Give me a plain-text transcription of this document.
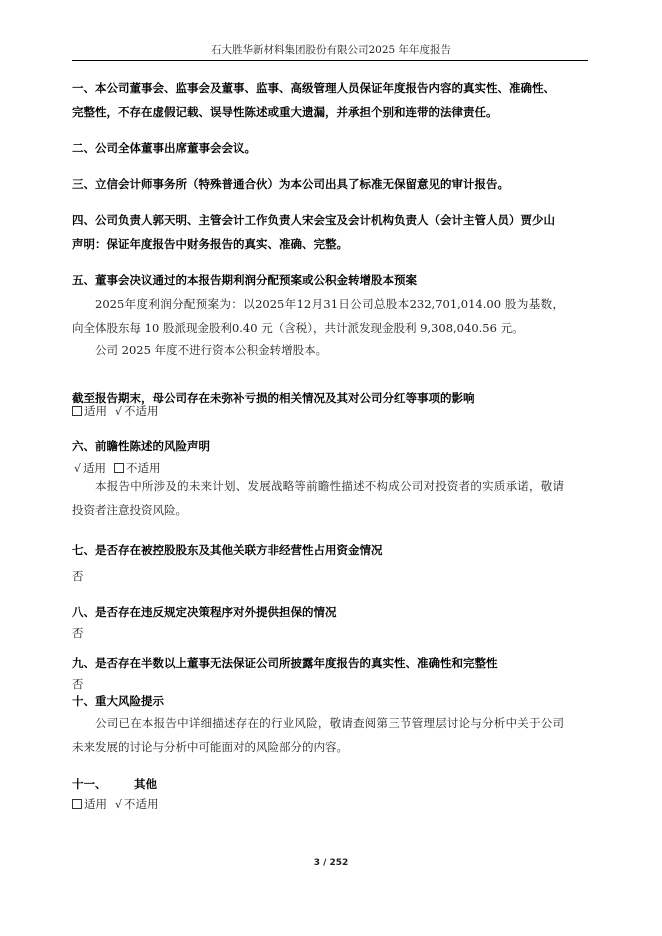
石大胜华新材料集团股份有限公司2025 年年度报告

一、本公司董事会、监事会及董事、监事、高级管理人员保证年度报告内容的真实性、准确性、完整性，不存在虚假记载、误导性陈述或重大遗漏，并承担个别和连带的法律责任。

二、公司全体董事出席董事会会议。

三、立信会计师事务所（特殊普通合伙）为本公司出具了标准无保留意见的审计报告。

四、公司负责人郭天明、主管会计工作负责人宋会宝及会计机构负责人（会计主管人员）贾少山声明：保证年度报告中财务报告的真实、准确、完整。

五、董事会决议通过的本报告期利润分配预案或公积金转增股本预案

2025年度利润分配预案为：以2025年12月31日公司总股本232,701,014.00 股为基数，向全体股东每 10 股派现金股利0.40 元（含税），共计派发现金股利 9,308,040.56 元。

公司 2025 年度不进行资本公积金转增股本。

截至报告期末，母公司存在未弥补亏损的相关情况及其对公司分红等事项的影响

适用 √ 不适用

六、前瞻性陈述的风险声明

√ 适用 不适用

本报告中所涉及的未来计划、发展战略等前瞻性描述不构成公司对投资者的实质承诺，敬请投资者注意投资风险。

七、是否存在被控股股东及其他关联方非经营性占用资金情况

否

八、是否存在违反规定决策程序对外提供担保的情况

否

九、是否存在半数以上董事无法保证公司所披露年度报告的真实性、准确性和完整性

否

十、重大风险提示

公司已在本报告中详细描述存在的行业风险，敬请查阅第三节管理层讨论与分析中关于公司未来发展的讨论与分析中可能面对的风险部分的内容。

十一、 其他

适用 √ 不适用
3 / 252
